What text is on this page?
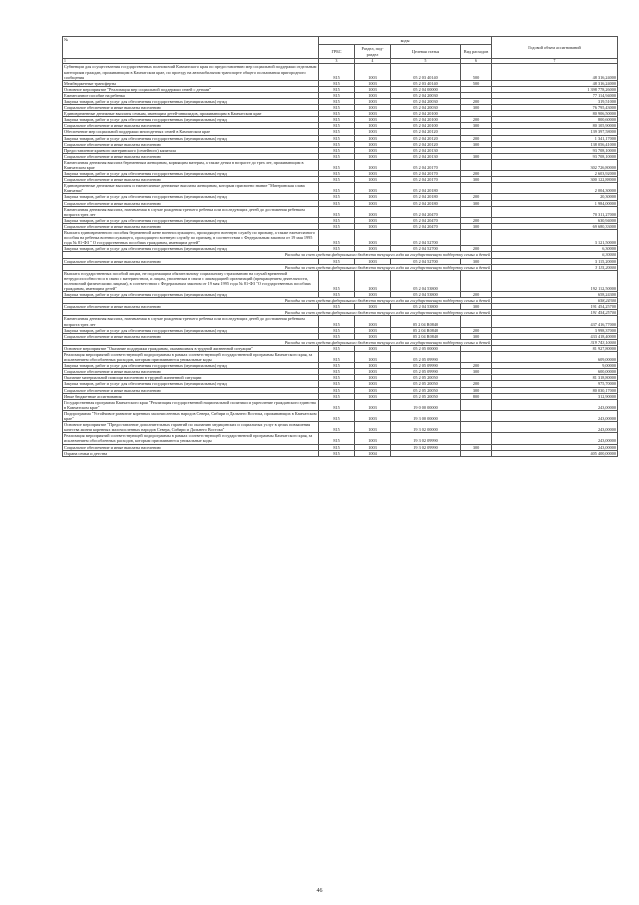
№	коды				Годовой объем ассигнований
	ГРБС	Раздел, под-раздел	Целевая статья	Вид расходов	
1	3	4	5	6	7
Субвенции для осуществления государственных полномочий Камчатского края по предоставлению мер социальной поддержки отдельным категориям граждан, проживающим в Камчатском крае, по проезду на автомобильном транспорте общего пользования пригородного сообщения	815	1003	05 2 03 40140	500	48 316,24000
Межбюджетные трансферты	815	1003	05 2 03 40140	500	48 316,24000
Основное мероприятие "Реализация мер социальной поддержки семей с детьми"	815	1003	05 2 04 00000		1 398 778,26000
Ежемесячное пособие на ребенка	815	1003	05 2 04 20030		77 114,94000
Закупка товаров, работ и услуг для обеспечения государственных (муниципальных) нужд	815	1003	05 2 04 20030	200	319,51000
Социальное обеспечение и иные выплаты населению	815	1003	05 2 04 20030	300	76 795,43000
Единовременные денежные выплаты семьям, имеющим детей-инвалидов, проживающим в Камчатском крае	815	1003	05 2 04 20100		80 906,50000
Закупка товаров, работ и услуг для обеспечения государственных (муниципальных) нужд	815	1003	05 2 04 20100	200	800,60000
Социальное обеспечение и иные выплаты населению	815	1003	05 2 04 20100	300	80 105,90000
Обеспечение мер социальной поддержки многодетных семей в Камчатском крае	815	1003	05 2 04 20120		139 397,58000
Закупка товаров, работ и услуг для обеспечения государственных (муниципальных) нужд	815	1003	05 2 04 20120	200	1 341,17000
Социальное обеспечение и иные выплаты населению	815	1003	05 2 04 20120	300	138 056,41000
Предоставление краевого материнского (семейного) капитала	815	1003	05 2 04 20130		93 708,10000
Социальное обеспечение и иные выплаты населению	815	1003	05 2 04 20130	300	93 708,10000
Ежемесячная денежная выплата беременным женщинам, кормящим матерям, а также детям в возрасте до трех лет, проживающим в Камчатском крае	815	1003	05 2 04 20170		302 726,80000
Закупка товаров, работ и услуг для обеспечения государственных (муниципальных) нужд	815	1003	05 2 04 20170	200	2 603,92000
Социальное обеспечение и иные выплаты населению	815	1003	05 2 04 20170	300	300 122,88000
Единовременные денежные выплаты и ежемесячные денежные выплаты женщинам, которым присвоено звание "Материнская слава Камчатки"	815	1003	05 2 04 20180		2 004,30000
Закупка товаров, работ и услуг для обеспечения государственных (муниципальных) нужд	815	1003	05 2 04 20180	200	20,30000
Социальное обеспечение и иные выплаты населению	815	1003	05 2 04 20180	300	1 984,00000
Ежемесячная денежная выплата, назначаемая в случае рождения третьего ребенка или последующих детей до достижения ребенком возраста трех лет	815	1003	05 2 04 20470		70 311,27000
Закупка товаров, работ и услуг для обеспечения государственных (муниципальных) нужд	815	1003	05 2 04 20470	200	630,94000
Социальное обеспечение и иные выплаты населению	815	1003	05 2 04 20470	300	69 680,33000
Выплата единовременного пособия беременной жене военнослужащего, проходящего военную службу по призыву, а также ежемесячного пособия на ребенка военнослужащего, проходящего военную службу по призыву, в соответствии с Федеральным законом от 19 мая 1995 года № 81-ФЗ " О государственных пособиях гражданам, имеющим детей"	815	1003	05 2 04 52700		3 121,50000
Закупка товаров, работ и услуг для обеспечения государственных (муниципальных) нужд	815	1003	05 2 04 52700	200	6,30000
Расходы за счет средств федерального бюджета текущего года на государственную поддержку семьи и детей					6,30000
Социальное обеспечение и иные выплаты населению	815	1003	05 2 04 52700	300	3 115,20000
Расходы за счет средств федерального бюджета текущего года на государственную поддержку семьи и детей					3 115,20000
Выплата государственных пособий лицам, не подлежащим обязательному социальному страхованию на случай временной нетрудоспособности и в связи с материнством, и лицам, уволенным в связи с ликвидацией организаций (прекращением деятельности, полномочий физическими лицами), в соответствии с Федеральным законом от 19 мая 1995 года № 81-ФЗ "О государственных пособиях гражданам, имеющим детей"	815	1003	05 2 04 53800		192 112,50000
Закупка товаров, работ и услуг для обеспечения государственных (муниципальных) нужд	815	1003	05 2 04 53800	200	658,24300
Расходы за счет средств федерального бюджета текущего года на государственную поддержку семьи и детей					658,24300
Социальное обеспечение и иные выплаты населению	815	1003	05 2 04 53800	300	191 454,25700
Расходы за счет средств федерального бюджета текущего года на государственную поддержку семьи и детей					191 454,25700
Ежемесячная денежная выплата, назначаемая в случае рождения третьего ребенка или последующих детей до достижения ребенком возраста трех лет	815	1003	05 2 04 R0840		437 416,77000
Закупка товаров, работ и услуг для обеспечения государственных (муниципальных) нужд	815	1003	05 2 04 R0840	200	3 998,37000
Социальное обеспечение и иные выплаты населению	815	1003	05 2 04 R0840	300	433 418,40000
Расходы за счет средств федерального бюджета текущего года на государственную поддержку семьи и детей					319 743,10000
Основное мероприятие "Оказание поддержки гражданам, оказавшимся в трудной жизненной ситуации"	815	1003	05 2 05 00000		81 927,80000
Реализация мероприятий соответствующей подпрограммы в рамках соответствующей государственной программы Камчатского края, за исключением обособленных расходов, которым присваиваются уникальные коды	815	1003	05 2 05 09990		609,00000
Закупка товаров, работ и услуг для обеспечения государственных (муниципальных) нужд	815	1003	05 2 05 09990	200	9,00000
Социальное обеспечение и иные выплаты населению	815	1003	05 2 05 09990	300	600,00000
Оказание материальной помощи населению в трудной жизненной ситуации	815	1003	05 2 05 20050		81 318,80000
Закупка товаров, работ и услуг для обеспечения государственных (муниципальных) нужд	815	1003	05 2 05 20050	200	975,70000
Социальное обеспечение и иные выплаты населению	815	1003	05 2 05 20050	300	80 030,17000
Иные бюджетные ассигнования	815	1003	05 2 05 20050	800	312,90000
Государственная программа Камчатского края "Реализация государственной национальной политики и укрепление гражданского единства в Камчатском крае"	815	1003	19 0 00 00000		243,00000
Подпрограмма "Устойчивое развитие коренных малочисленных народов Севера, Сибири и Дальнего Востока, проживающих в Камчатском крае"	815	1003	19 3 00 00000		243,00000
Основное мероприятие "Предоставление дополнительных гарантий по оказанию медицинских и социальных услуг в целях повышения качества жизни коренных малочисленных народов Севера, Сибири и Дальнего Востока"	815	1003	19 3 02 00000		243,00000
Реализация мероприятий соответствующей подпрограммы в рамках соответствующей государственной программы Камчатского края, за исключением обособленных расходов, которым присваиваются уникальные коды	815	1003	19 3 02 09990		243,00000
Социальное обеспечение и иные выплаты населению	815	1003	19 3 02 09990	300	243,00000
Охрана семьи и детства	815	1004			405 400,00000
46
